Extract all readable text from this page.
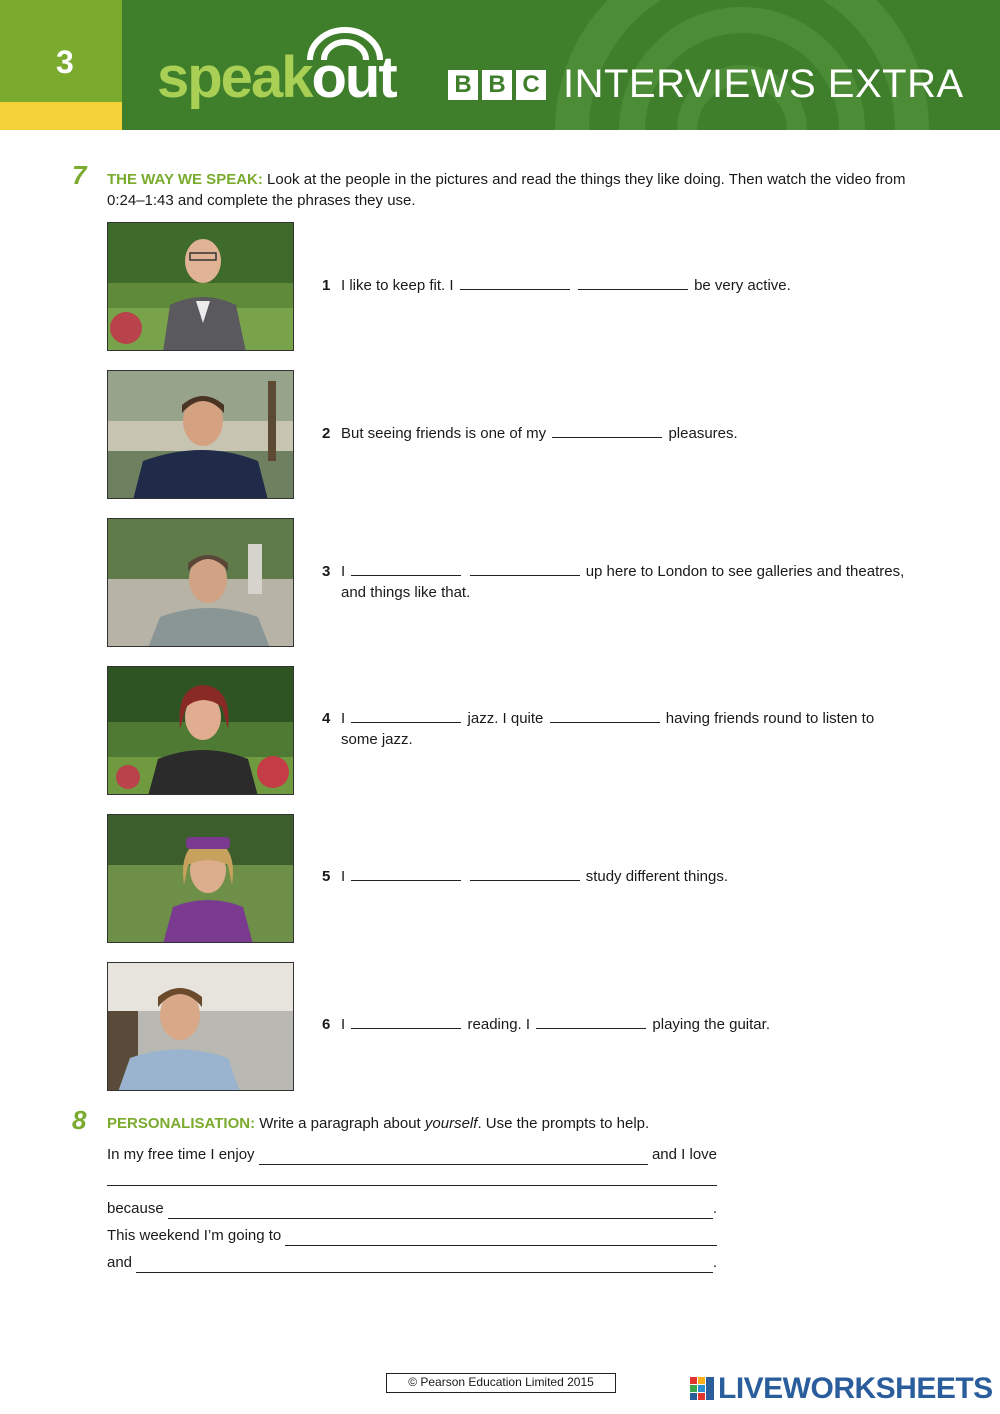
3 speakout B B C INTERVIEWS EXTRA
7 THE WAY WE SPEAK: Look at the people in the pictures and read the things they like doing. Then watch the video from 0:24–1:43 and complete the phrases they use.
1 I like to keep fit. I	be very active.
2 But seeing friends is one of my	pleasures.
3 I	up here to London to see galleries and theatres,
and things like that.
4 I	jazz. I quite	having friends round to listen to
some jazz.
5 I	study different things.
6 I	reading. I	playing the guitar.
8 PERSONALISATION: Write a paragraph about yourself. Use the prompts to help.
In my free time I enjoy	and I love
because	.
This weekend I’m going to
and	.
© Pearson Education Limited 2015	LIVEWORKSHEETS
